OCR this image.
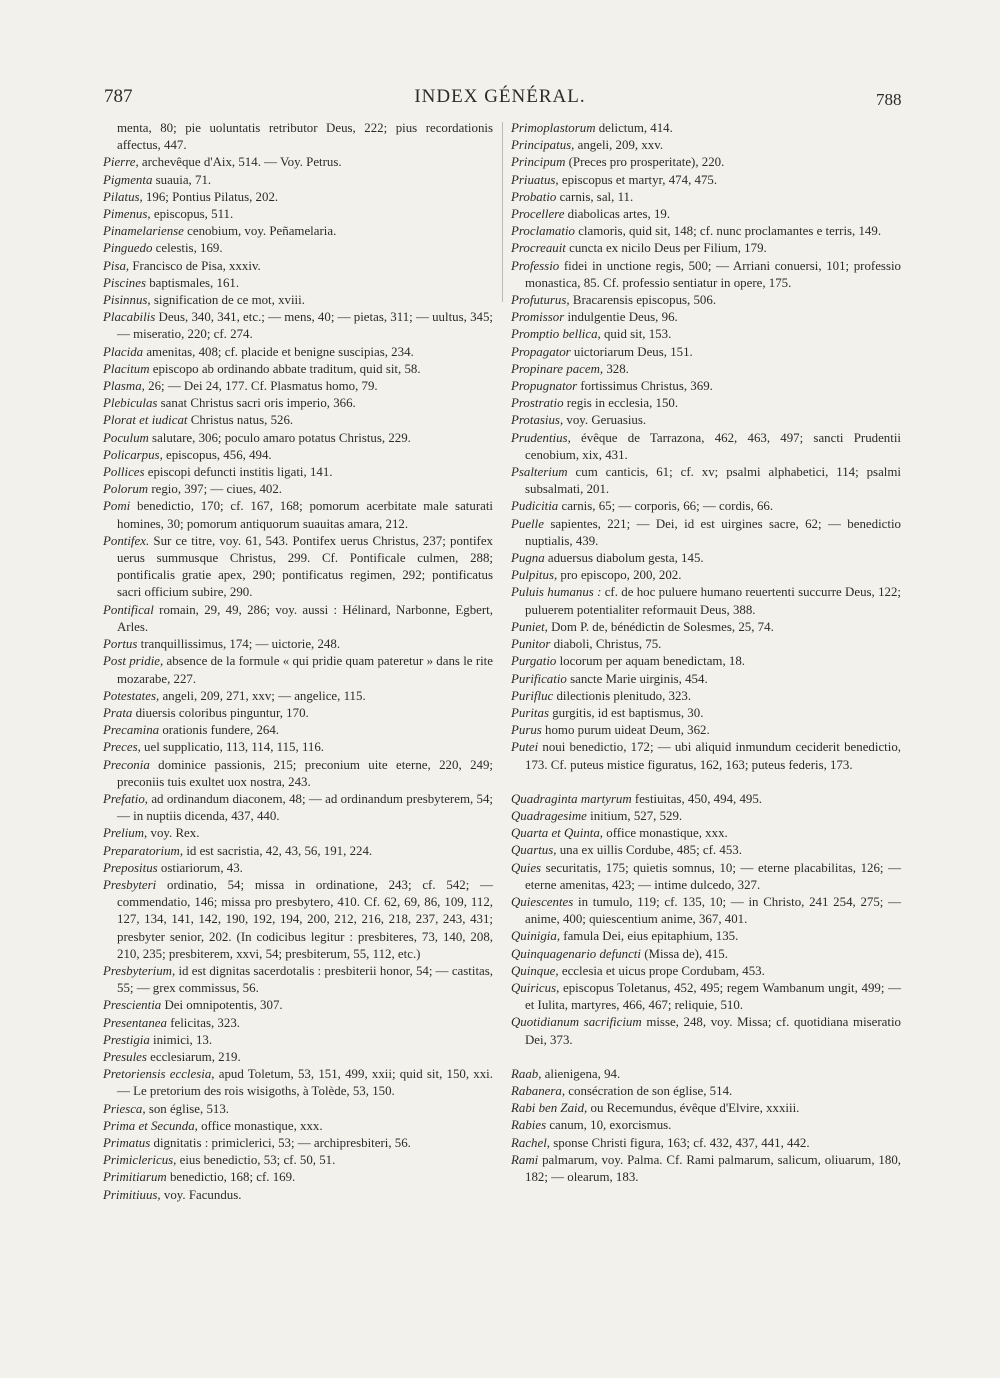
787	INDEX GÉNÉRAL.	788

menta, 80; pie uoluntatis retributor Deus, 222; pius recordationis affectus, 447.

Pierre, archevêque d'Aix, 514. — Voy. Petrus.

Pigmenta suauia, 71.

Pilatus, 196; Pontius Pilatus, 202.

Pimenus, episcopus, 511.

Pinamelariense cenobium, voy. Peñamelaria.

Pinguedo celestis, 169.

Pisa, Francisco de Pisa, xxxiv.

Piscines baptismales, 161.

Pisinnus, signification de ce mot, xviii.

Placabilis Deus, 340, 341, etc.; — mens, 40; — pietas, 311; — uultus, 345; — miseratio, 220; cf. 274.

Placida amenitas, 408; cf. placide et benigne suscipias, 234.

Placitum episcopo ab ordinando abbate traditum, quid sit, 58.

Plasma, 26; — Dei 24, 177. Cf. Plasmatus homo, 79.

Plebiculas sanat Christus sacri oris imperio, 366.

Plorat et iudicat Christus natus, 526.

Poculum salutare, 306; poculo amaro potatus Christus, 229.

Policarpus, episcopus, 456, 494.

Pollices episcopi defuncti institis ligati, 141.

Polorum regio, 397; — ciues, 402.

Pomi benedictio, 170; cf. 167, 168; pomorum acerbitate male saturati homines, 30; pomorum antiquorum suauitas amara, 212.

Pontifex. Sur ce titre, voy. 61, 543. Pontifex uerus Christus, 237; pontifex uerus summusque Christus, 299. Cf. Pontificale culmen, 288; pontificalis gratie apex, 290; pontificatus regimen, 292; pontificatus sacri officium subire, 290.

Pontifical romain, 29, 49, 286; voy. aussi : Hélinard, Narbonne, Egbert, Arles.

Portus tranquillissimus, 174; — uictorie, 248.

Post pridie, absence de la formule « qui pridie quam pateretur » dans le rite mozarabe, 227.

Potestates, angeli, 209, 271, xxv; — angelice, 115.

Prata diuersis coloribus pinguntur, 170.

Precamina orationis fundere, 264.

Preces, uel supplicatio, 113, 114, 115, 116.

Preconia dominice passionis, 215; preconium uite eterne, 220, 249; preconiis tuis exultet uox nostra, 243.

Prefatio, ad ordinandum diaconem, 48; — ad ordinandum presbyterem, 54; — in nuptiis dicenda, 437, 440.

Prelium, voy. Rex.

Preparatorium, id est sacristia, 42, 43, 56, 191, 224.

Prepositus ostiariorum, 43.

Presbyteri ordinatio, 54; missa in ordinatione, 243; cf. 542; — commendatio, 146; missa pro presbytero, 410. Cf. 62, 69, 86, 109, 112, 127, 134, 141, 142, 190, 192, 194, 200, 212, 216, 218, 237, 243, 431; presbyter senior, 202. (In codicibus legitur : presbiteres, 73, 140, 208, 210, 235; presbiterem, xxvi, 54; presbiterum, 55, 112, etc.)

Presbyterium, id est dignitas sacerdotalis : presbiterii honor, 54; — castitas, 55; — grex commissus, 56.

Prescientia Dei omnipotentis, 307.

Presentanea felicitas, 323.

Prestigia inimici, 13.

Presules ecclesiarum, 219.

Pretoriensis ecclesia, apud Toletum, 53, 151, 499, xxii; quid sit, 150, xxi. — Le pretorium des rois wisigoths, à Tolède, 53, 150.

Priesca, son église, 513.

Prima et Secunda, office monastique, xxx.

Primatus dignitatis : primiclerici, 53; — archipresbiteri, 56.

Primiclericus, eius benedictio, 53; cf. 50, 51.

Primitiarum benedictio, 168; cf. 169.

Primitiuus, voy. Facundus.

Primoplastorum delictum, 414.

Principatus, angeli, 209, xxv.

Principum (Preces pro prosperitate), 220.

Priuatus, episcopus et martyr, 474, 475.

Probatio carnis, sal, 11.

Procellere diabolicas artes, 19.

Proclamatio clamoris, quid sit, 148; cf. nunc proclamantes e terris, 149.

Procreauit cuncta ex nicilo Deus per Filium, 179.

Professio fidei in unctione regis, 500; — Arriani conuersi, 101; professio monastica, 85. Cf. professio sentiatur in opere, 175.

Profuturus, Bracarensis episcopus, 506.

Promissor indulgentie Deus, 96.

Promptio bellica, quid sit, 153.

Propagator uictoriarum Deus, 151.

Propinare pacem, 328.

Propugnator fortissimus Christus, 369.

Prostratio regis in ecclesia, 150.

Protasius, voy. Geruasius.

Prudentius, évêque de Tarrazona, 462, 463, 497; sancti Prudentii cenobium, xix, 431.

Psalterium cum canticis, 61; cf. xv; psalmi alphabetici, 114; psalmi subsalmati, 201.

Pudicitia carnis, 65; — corporis, 66; — cordis, 66.

Puelle sapientes, 221; — Dei, id est uirgines sacre, 62; — benedictio nuptialis, 439.

Pugna aduersus diabolum gesta, 145.

Pulpitus, pro episcopo, 200, 202.

Puluis humanus : cf. de hoc puluere humano reuertenti succurre Deus, 122; puluerem potentialiter reformauit Deus, 388.

Puniet, Dom P. de, bénédictin de Solesmes, 25, 74.

Punitor diaboli, Christus, 75.

Purgatio locorum per aquam benedictam, 18.

Purificatio sancte Marie uirginis, 454.

Purifluc dilectionis plenitudo, 323.

Puritas gurgitis, id est baptismus, 30.

Purus homo purum uideat Deum, 362.

Putei noui benedictio, 172; — ubi aliquid inmundum ceciderit benedictio, 173. Cf. puteus mistice figuratus, 162, 163; puteus federis, 173.

Quadraginta martyrum festiuitas, 450, 494, 495.

Quadragesime initium, 527, 529.

Quarta et Quinta, office monastique, xxx.

Quartus, una ex uillis Cordube, 485; cf. 453.

Quies securitatis, 175; quietis somnus, 10; — eterne placabilitas, 126; — eterne amenitas, 423; — intime dulcedo, 327.

Quiescentes in tumulo, 119; cf. 135, 10; — in Christo, 241 254, 275; — anime, 400; quiescentium anime, 367, 401.

Quinigia, famula Dei, eius epitaphium, 135.

Quinquagenario defuncti (Missa de), 415.

Quinque, ecclesia et uicus prope Cordubam, 453.

Quiricus, episcopus Toletanus, 452, 495; regem Wambanum ungit, 499; — et Iulita, martyres, 466, 467; reliquie, 510.

Quotidianum sacrificium misse, 248, voy. Missa; cf. quotidiana miseratio Dei, 373.

Raab, alienigena, 94.

Rabanera, consécration de son église, 514.

Rabi ben Zaid, ou Recemundus, évêque d'Elvire, xxxiii.

Rabies canum, 10, exorcismus.

Rachel, sponse Christi figura, 163; cf. 432, 437, 441, 442.

Rami palmarum, voy. Palma. Cf. Rami palmarum, salicum, oliuarum, 180, 182; — olearum, 183.
